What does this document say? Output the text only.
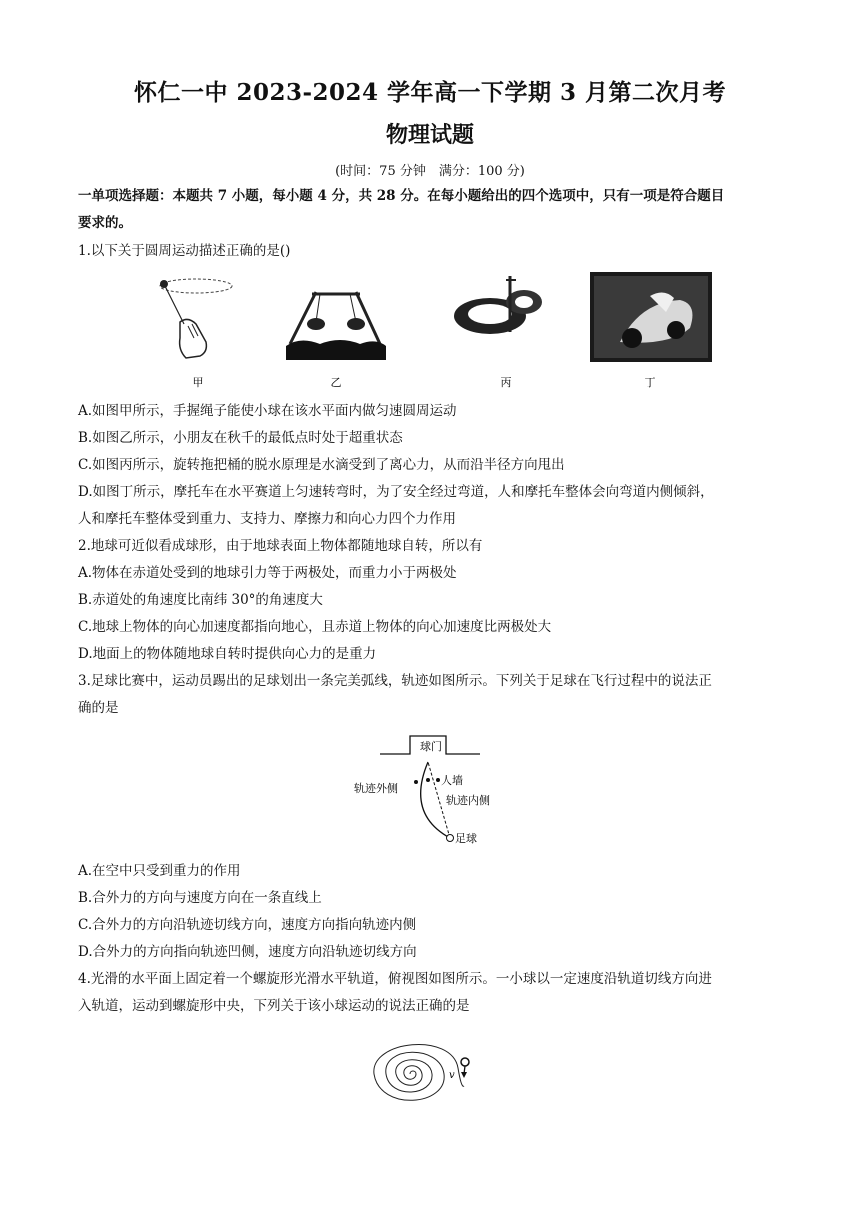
怀仁一中 2023-2024 学年高一下学期 3 月第二次月考
物理试题
(时间：75 分钟　满分：100 分)
一单项选择题：本题共 7 小题，每小题 4 分，共 28 分。在每小题给出的四个选项中，只有一项是符合题目
要求的。
1.以下关于圆周运动描述正确的是()
甲	乙	丙	丁
A.如图甲所示，手握绳子能使小球在该水平面内做匀速圆周运动
B.如图乙所示，小朋友在秋千的最低点时处于超重状态
C.如图丙所示，旋转拖把桶的脱水原理是水滴受到了离心力，从而沿半径方向甩出
D.如图丁所示，摩托车在水平赛道上匀速转弯时，为了安全经过弯道，人和摩托车整体会向弯道内侧倾斜，
人和摩托车整体受到重力、支持力、摩擦力和向心力四个力作用
2.地球可近似看成球形，由于地球表面上物体都随地球自转，所以有
A.物体在赤道处受到的地球引力等于两极处，而重力小于两极处
B.赤道处的角速度比南纬 30°的角速度大
C.地球上物体的向心加速度都指向地心，且赤道上物体的向心加速度比两极处大
D.地面上的物体随地球自转时提供向心力的是重力
3.足球比赛中，运动员踢出的足球划出一条完美弧线，轨迹如图所示。下列关于足球在飞行过程中的说法正
确的是
球门
人墙
轨迹外侧
轨迹内侧
足球
A.在空中只受到重力的作用
B.合外力的方向与速度方向在一条直线上
C.合外力的方向沿轨迹切线方向，速度方向指向轨迹内侧
D.合外力的方向指向轨迹凹侧，速度方向沿轨迹切线方向
4.光滑的水平面上固定着一个螺旋形光滑水平轨道，俯视图如图所示。一小球以一定速度沿轨道切线方向进
入轨道，运动到螺旋形中央，下列关于该小球运动的说法正确的是
v
